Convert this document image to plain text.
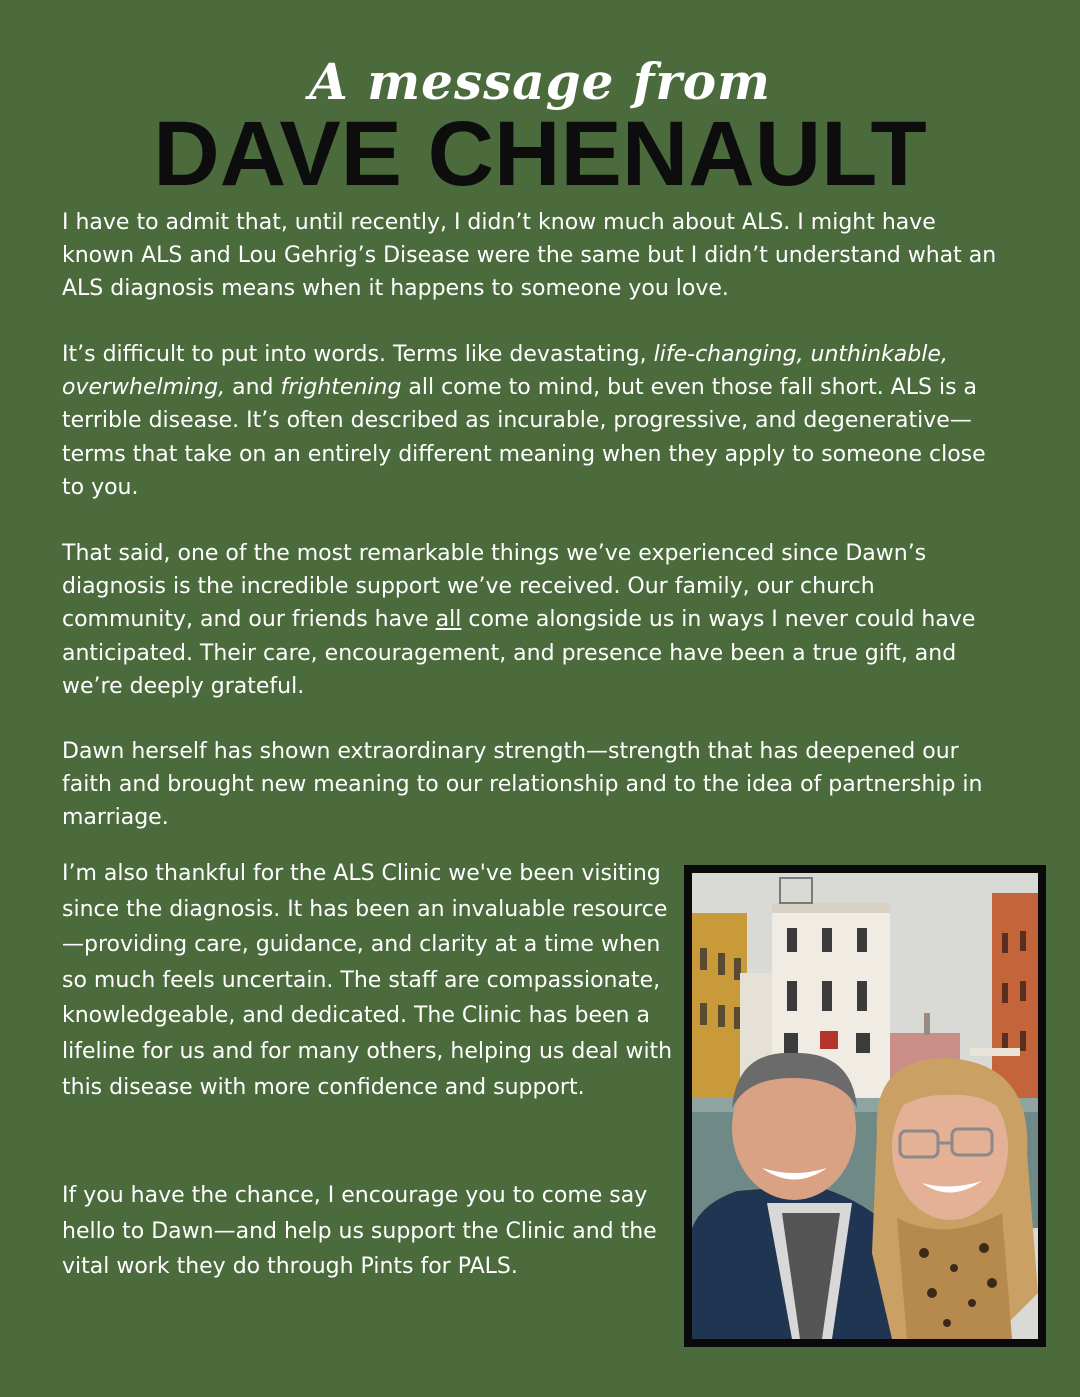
A message from
DAVE CHENAULT

I have to admit that, until recently, I didn’t know much about ALS. I might have known ALS and Lou Gehrig’s Disease were the same but I didn’t understand what an ALS diagnosis means when it happens to someone you love.

It’s difficult to put into words. Terms like devastating, life-changing, unthinkable, overwhelming, and frightening all come to mind, but even those fall short. ALS is a terrible disease. It’s often described as incurable, progressive, and degenerative—terms that take on an entirely different meaning when they apply to someone close to you.

That said, one of the most remarkable things we’ve experienced since Dawn’s diagnosis is the incredible support we’ve received. Our family, our church community, and our friends have all come alongside us in ways I never could have anticipated. Their care, encouragement, and presence have been a true gift, and we’re deeply grateful.

Dawn herself has shown extraordinary strength—strength that has deepened our faith and brought new meaning to our relationship and to the idea of partnership in marriage.

I’m also thankful for the ALS Clinic we've been visiting since the diagnosis. It has been an invaluable resource—providing care, guidance, and clarity at a time when so much feels uncertain. The staff are compassionate, knowledgeable, and dedicated. The Clinic has been a lifeline for us and for many others, helping us deal with this disease with more confidence and support.

If you have the chance, I encourage you to come say hello to Dawn—and help us support the Clinic and the vital work they do through Pints for PALS.
